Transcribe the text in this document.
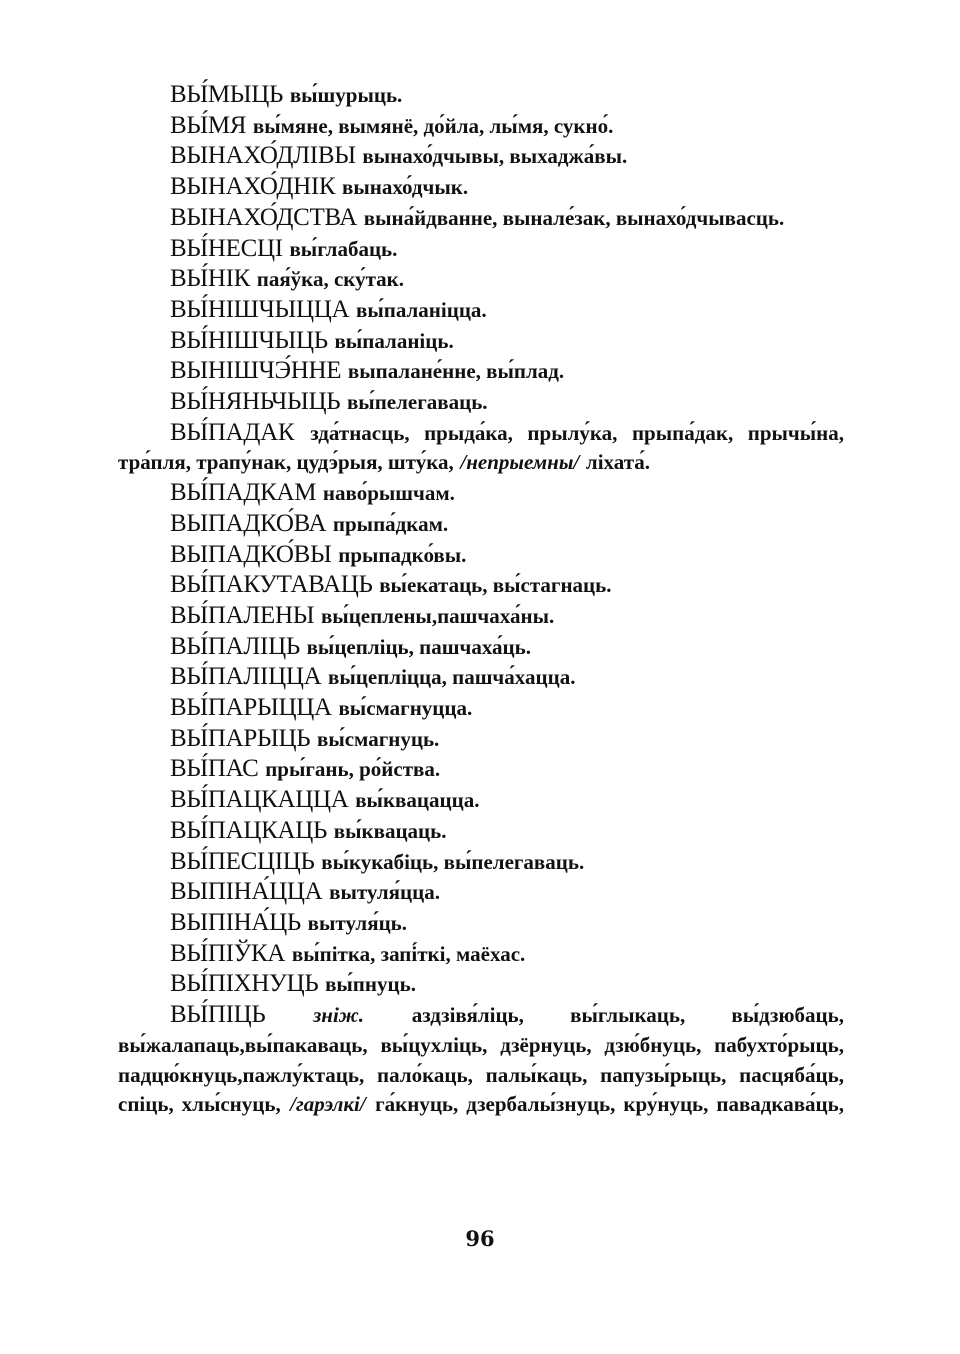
ВЫ́МЫЦЬ вы́шурыць.

ВЫ́МЯ вы́мяне, вымянё, до́йла, лы́мя, сукно́.

ВЫНАХО́ДЛІВЫ вынахо́дчывы, выхаджа́вы.

ВЫНАХО́ДНІК вынахо́дчык.

ВЫНАХО́ДСТВА вына́йдванне, вынале́зак, вынахо́дчывасць.

ВЫ́НЕСЦІ вы́глабаць.

ВЫ́НІК пая́ўка, ску́так.

ВЫ́НІШЧЫЦЦА вы́паланіцца.

ВЫ́НІШЧЫЦЬ вы́паланіць.

ВЫНІШЧЭ́ННЕ выпалане́нне, вы́плад.

ВЫ́НЯНЬЧЫЦЬ вы́пелегаваць.

ВЫ́ПАДАК зда́тнасць, прыда́ка, прылу́ка, прыпа́дак, прычы́на, тра́пля, трапу́нак, цудэ́рыя, шту́ка, /непрыемны/ ліхата́.

ВЫ́ПАДКАМ наво́рышчам.

ВЫПАДКО́ВА прыпа́дкам.

ВЫПАДКО́ВЫ прыпадко́вы.

ВЫ́ПАКУТАВАЦЬ вы́екатаць, вы́стагнаць.

ВЫ́ПАЛЕНЫ вы́цеплены,пашчаха́ны.

ВЫ́ПАЛІЦЬ вы́цепліць, пашчаха́ць.

ВЫ́ПАЛІЦЦА вы́цепліцца, пашча́хацца.

ВЫ́ПАРЫЦЦА вы́смагнуцца.

ВЫ́ПАРЫЦЬ вы́смагнуць.

ВЫ́ПАС пры́гань, ро́йства.

ВЫ́ПАЦКАЦЦА вы́квацацца.

ВЫ́ПАЦКАЦЬ вы́квацаць.

ВЫ́ПЕСЦІЦЬ вы́кукабіць, вы́пелегаваць.

ВЫПІНА́ЦЦА вытуля́цца.

ВЫПІНА́ЦЬ вытуля́ць.

ВЫ́ПІЎКА вы́пітка, запі́ткі, маёхас.

ВЫ́ПІХНУЦЬ вы́пнуць.

ВЫ́ПІЦЬ зніж. аздзівя́ліць, вы́глыкаць, вы́дзюбаць, вы́жалапаць,вы́пакаваць, вы́цухліць, дзёрнуць, дзю́бнуць, пабухто́рыць, падцю́кнуць,пажлу́ктаць, пало́каць, палы́каць, папузы́рыць, пасцяба́ць, спіць, хлы́снуць, /гарэлкі/ га́кнуць, дзербалы́знуць, кру́нуць, павадкава́ць,

96
